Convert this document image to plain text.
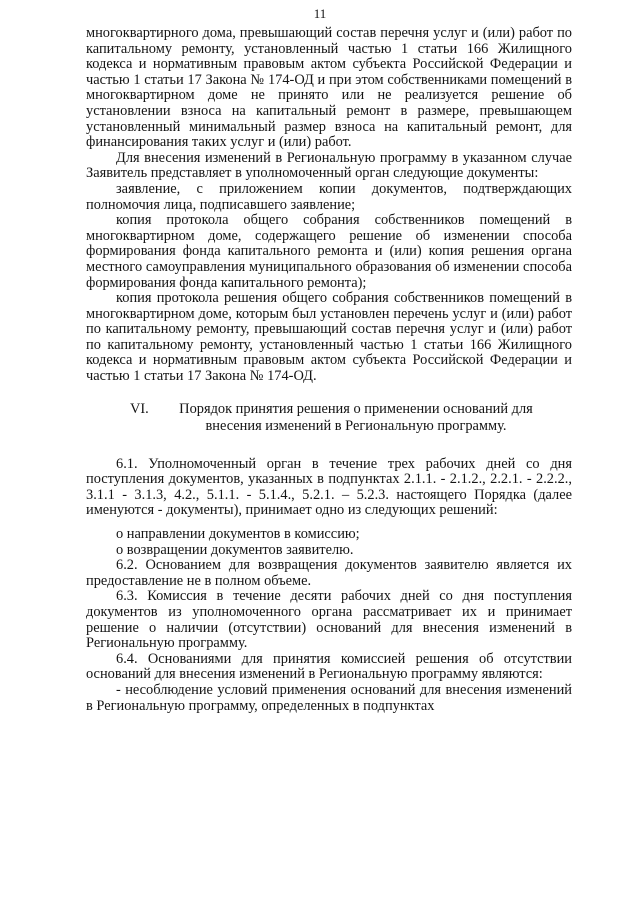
11

многоквартирного дома, превышающий состав перечня услуг и (или) работ по капитальному ремонту, установленный частью 1 статьи 166 Жилищного кодекса и нормативным правовым актом субъекта Российской Федерации и частью 1 статьи 17 Закона № 174-ОД и при этом собственниками помещений в многоквартирном доме не принято или не реализуется решение об установлении взноса на капитальный ремонт в размере, превышающем установленный минимальный размер взноса на капитальный ремонт, для финансирования таких услуг и (или) работ.

Для внесения изменений в Региональную программу в указанном случае Заявитель представляет в уполномоченный орган следующие документы:

заявление, с приложением копии документов, подтверждающих полномочия лица, подписавшего заявление;

копия протокола общего собрания собственников помещений в многоквартирном доме, содержащего решение об изменении способа формирования фонда капитального ремонта и (или) копия решения органа местного самоуправления муниципального образования об изменении способа формирования фонда капитального ремонта);

копия протокола решения общего собрания собственников помещений в многоквартирном доме, которым был установлен перечень услуг и (или) работ по капитальному ремонту, превышающий состав перечня услуг и (или) работ по капитальному ремонту, установленный частью 1 статьи 166 Жилищного кодекса и нормативным правовым актом субъекта Российской Федерации и частью 1 статьи 17 Закона № 174-ОД.

VI. Порядок принятия решения о применении оснований для внесения изменений в Региональную программу.

6.1. Уполномоченный орган в течение трех рабочих дней со дня поступления документов, указанных в подпунктах 2.1.1. - 2.1.2., 2.2.1. - 2.2.2., 3.1.1 - 3.1.3, 4.2., 5.1.1. - 5.1.4., 5.2.1. – 5.2.3. настоящего Порядка (далее именуются - документы), принимает одно из следующих решений:

о направлении документов в комиссию;

о возвращении документов заявителю.

6.2. Основанием для возвращения документов заявителю является их предоставление не в полном объеме.

6.3. Комиссия в течение десяти рабочих дней со дня поступления документов из уполномоченного органа рассматривает их и принимает решение о наличии (отсутствии) оснований для внесения изменений в Региональную программу.

6.4. Основаниями для принятия комиссией решения об отсутствии оснований для внесения изменений в Региональную программу являются:

- несоблюдение условий применения оснований для внесения изменений в Региональную программу, определенных в подпунктах
